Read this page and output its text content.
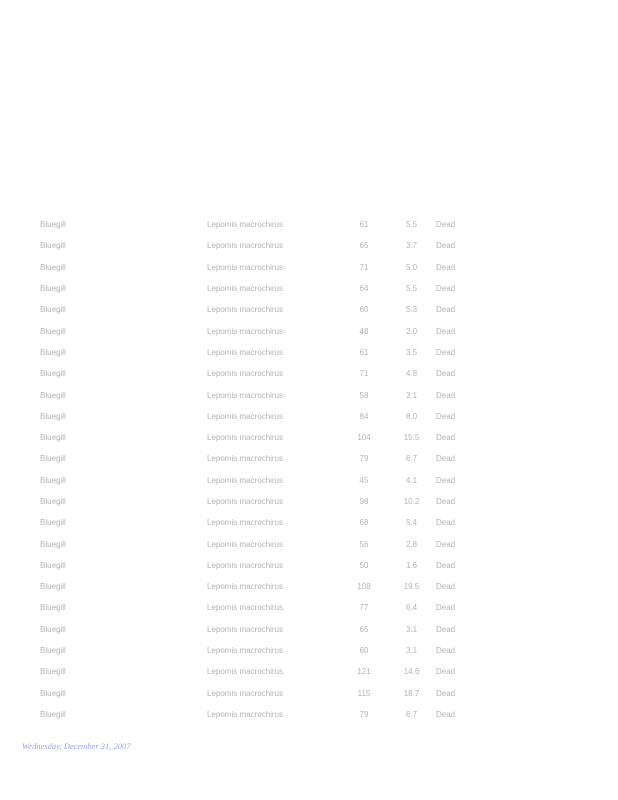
Bluegill	Lepomis macrochirus	61	5.5	Dead
Bluegill	Lepomis macrochirus	65	3.7	Dead
Bluegill	Lepomis macrochirus	71	5.0	Dead
Bluegill	Lepomis macrochirus	64	5.5	Dead
Bluegill	Lepomis macrochirus	60	5.3	Dead
Bluegill	Lepomis macrochirus	48	2.0	Dead
Bluegill	Lepomis macrochirus	61	3.5	Dead
Bluegill	Lepomis macrochirus	71	4.8	Dead
Bluegill	Lepomis macrochirus	58	3.1	Dead
Bluegill	Lepomis macrochirus	84	8.0	Dead
Bluegill	Lepomis macrochirus	104	15.5	Dead
Bluegill	Lepomis macrochirus	79	6.7	Dead
Bluegill	Lepomis macrochirus	45	4.1	Dead
Bluegill	Lepomis macrochirus	98	10.2	Dead
Bluegill	Lepomis macrochirus	68	5.4	Dead
Bluegill	Lepomis macrochirus	56	2.8	Dead
Bluegill	Lepomis macrochirus	50	1.6	Dead
Bluegill	Lepomis macrochirus	108	19.5	Dead
Bluegill	Lepomis macrochirus	77	6.4	Dead
Bluegill	Lepomis macrochirus	65	3.1	Dead
Bluegill	Lepomis macrochirus	60	3.1	Dead
Bluegill	Lepomis macrochirus	121	14.6	Dead
Bluegill	Lepomis macrochirus	115	18.7	Dead
Bluegill	Lepomis macrochirus	79	6.7	Dead
Wednesday, December 31, 2007
